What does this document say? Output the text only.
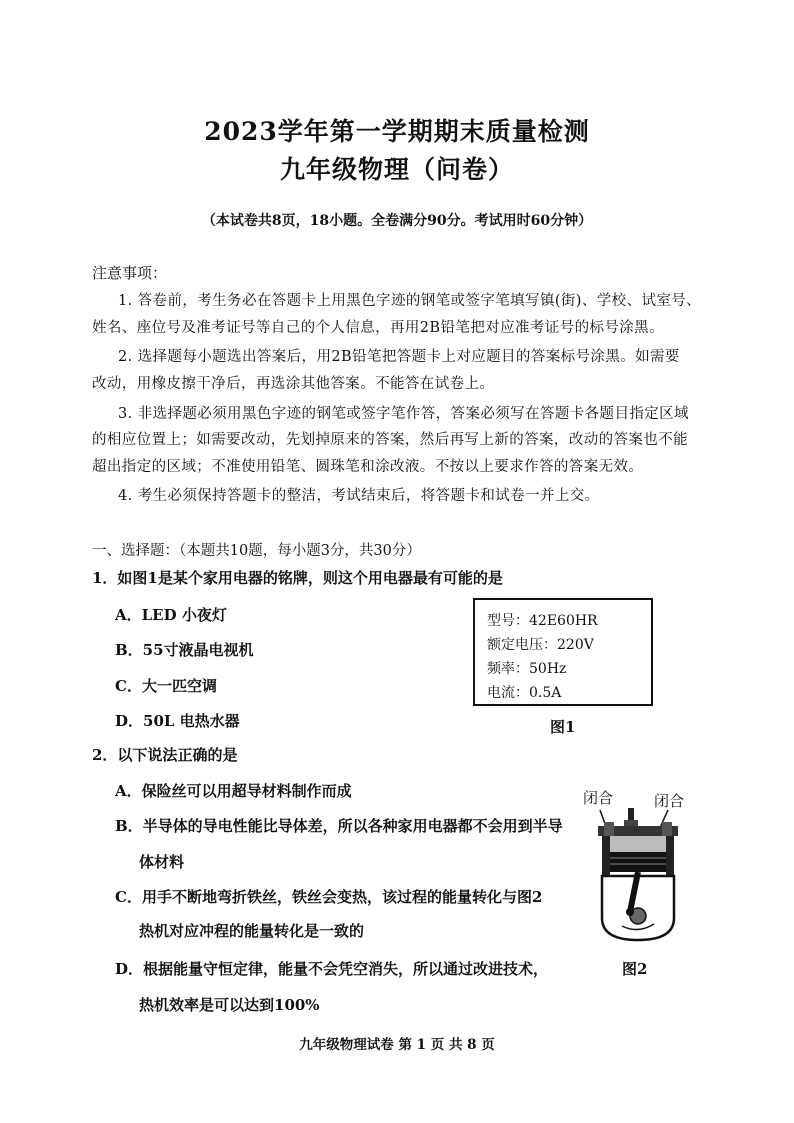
2023学年第一学期期末质量检测
九年级物理（问卷）
（本试卷共8页，18小题。全卷满分90分。考试用时60分钟）
注意事项：
1. 答卷前，考生务必在答题卡上用黑色字迹的钢笔或签字笔填写镇(街)、学校、试室号、
姓名、座位号及准考证号等自己的个人信息，再用2B铅笔把对应准考证号的标号涂黑。
2. 选择题每小题选出答案后，用2B铅笔把答题卡上对应题目的答案标号涂黑。如需要
改动，用橡皮擦干净后，再选涂其他答案。不能答在试卷上。
3. 非选择题必须用黑色字迹的钢笔或签字笔作答，答案必须写在答题卡各题目指定区域
的相应位置上；如需要改动，先划掉原来的答案，然后再写上新的答案，改动的答案也不能
超出指定的区域；不准使用铅笔、圆珠笔和涂改液。不按以上要求作答的答案无效。
4. 考生必须保持答题卡的整洁，考试结束后，将答题卡和试卷一并上交。
一、选择题：（本题共10题，每小题3分，共30分）
1．如图1是某个家用电器的铭牌，则这个用电器最有可能的是
A．LED 小夜灯
B．55寸液晶电视机
C．大一匹空调
D．50L 电热水器
型号：42E60HR
额定电压：220V
频率：50Hz
电流：0.5A
图1
2．以下说法正确的是
A．保险丝可以用超导材料制作而成
B．半导体的导电性能比导体差，所以各种家用电器都不会用到半导
体材料
C．用手不断地弯折铁丝，铁丝会变热，该过程的能量转化与图2
热机对应冲程的能量转化是一致的
D．根据能量守恒定律，能量不会凭空消失，所以通过改进技术，
热机效率是可以达到100%
闭合	闭合
图2
九年级物理试卷 第 1 页 共 8 页
